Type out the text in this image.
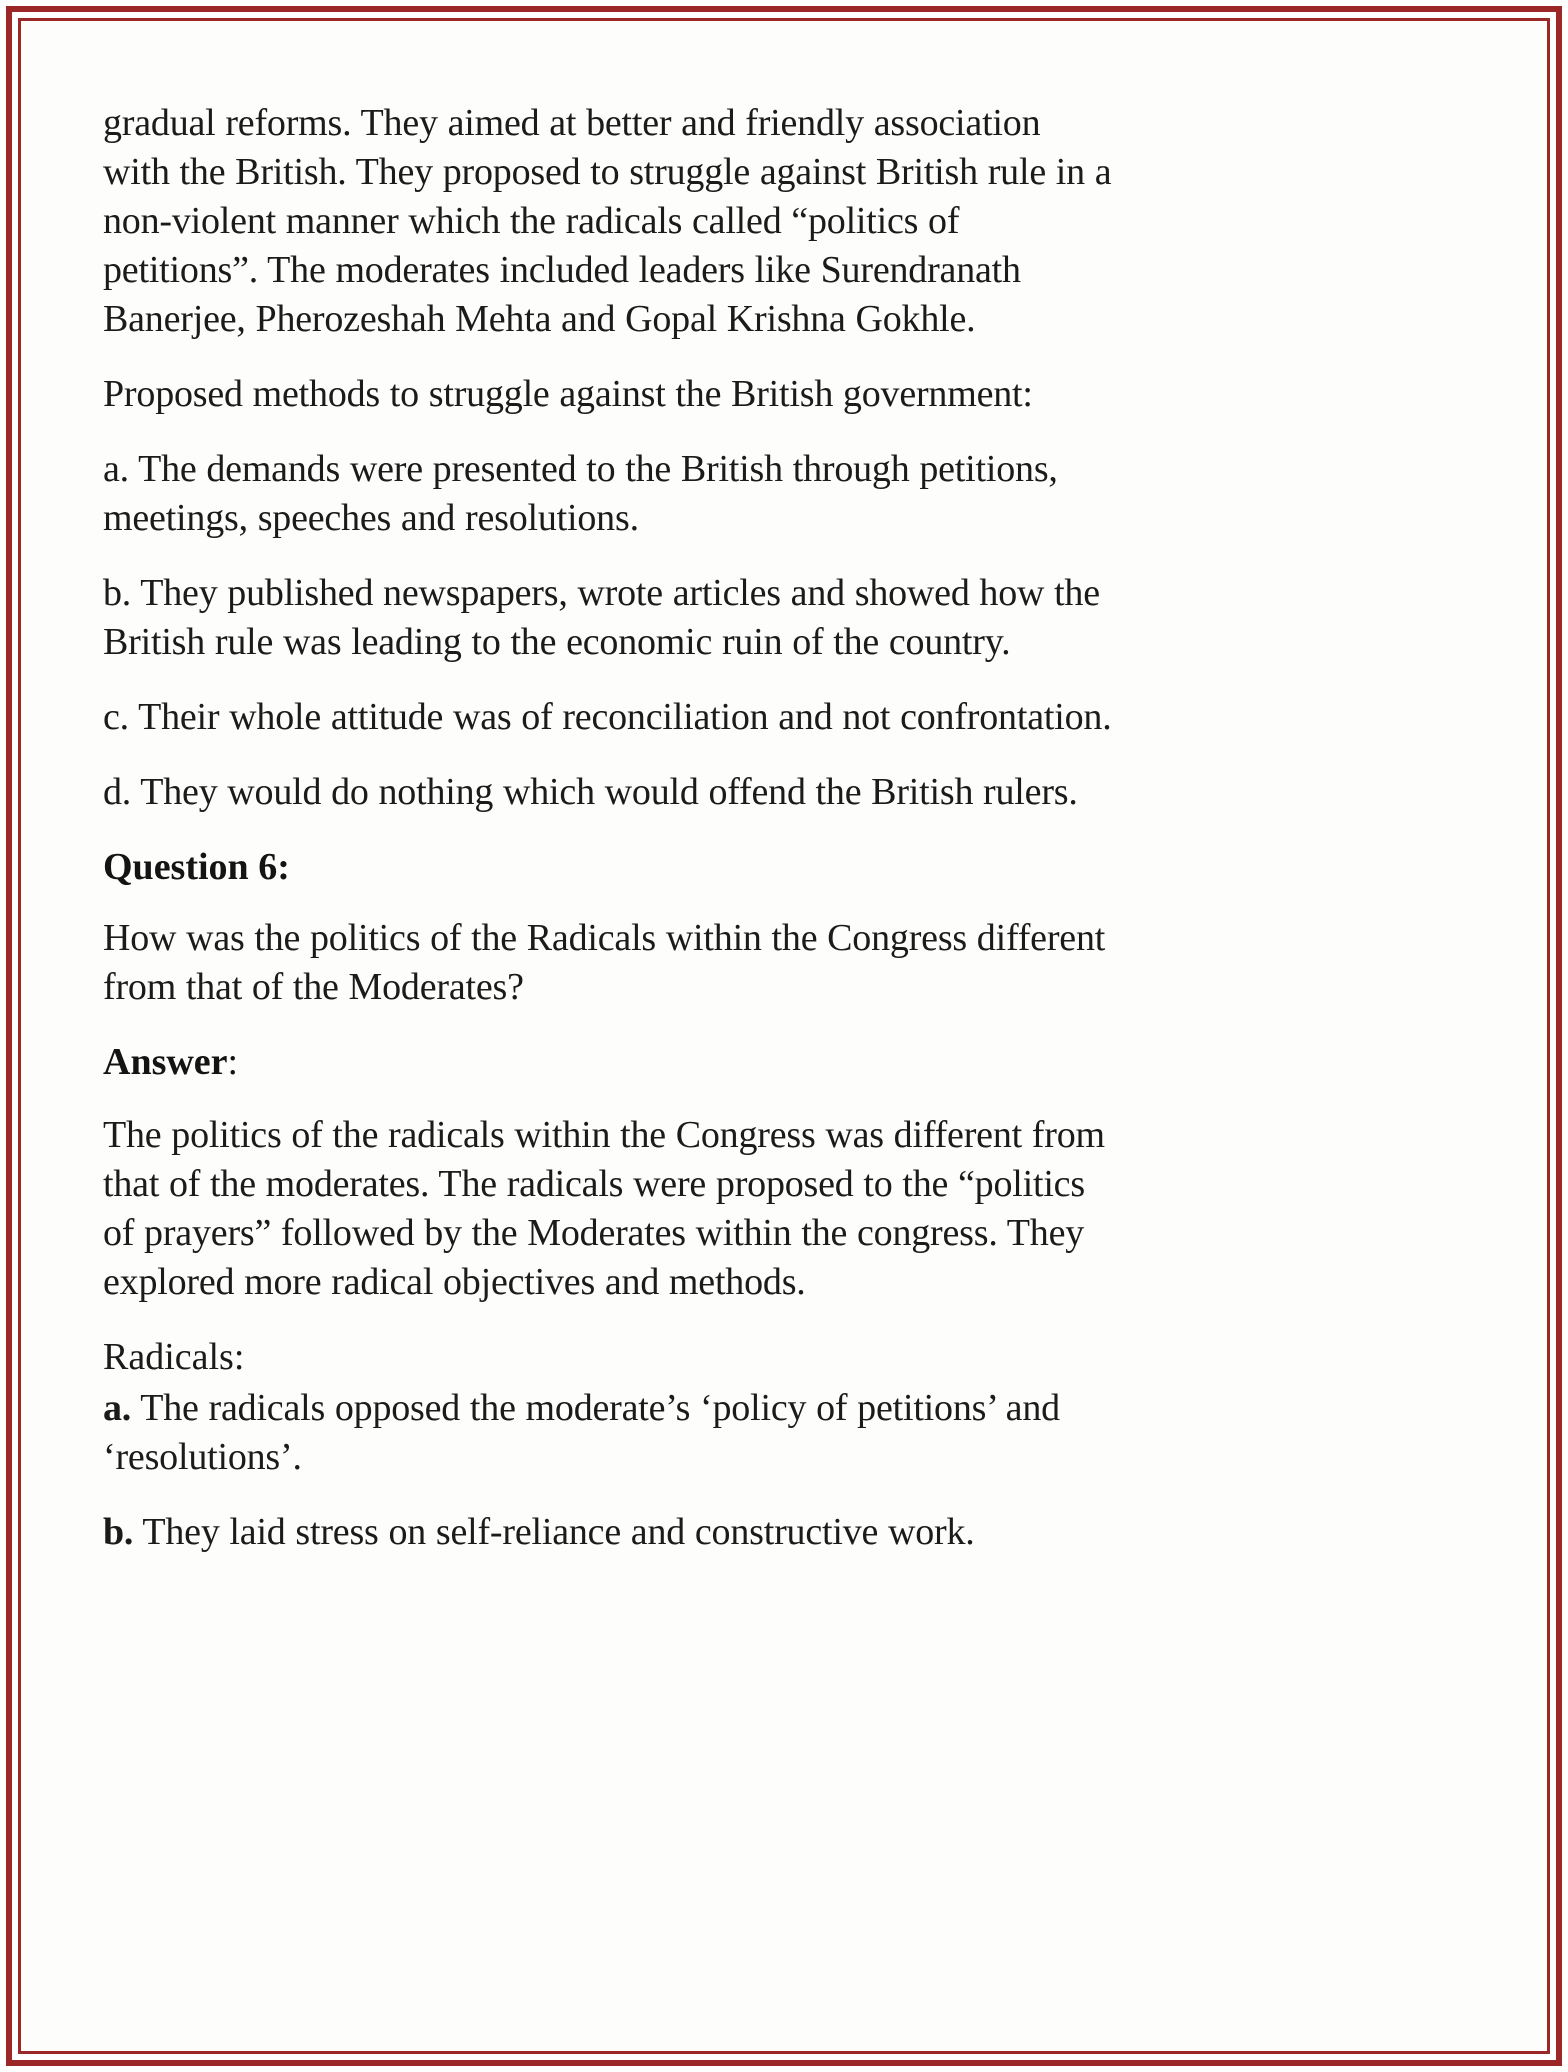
gradual reforms. They aimed at better and friendly association with the British. They proposed to struggle against British rule in a non-violent manner which the radicals called “politics of petitions”. The moderates included leaders like Surendranath Banerjee, Pherozeshah Mehta and Gopal Krishna Gokhle.

Proposed methods to struggle against the British government:

a. The demands were presented to the British through petitions, meetings, speeches and resolutions.

b. They published newspapers, wrote articles and showed how the British rule was leading to the economic ruin of the country.

c. Their whole attitude was of reconciliation and not confrontation.

d. They would do nothing which would offend the British rulers.

Question 6:

How was the politics of the Radicals within the Congress different from that of the Moderates?

Answer:

The politics of the radicals within the Congress was different from that of the moderates. The radicals were proposed to the “politics of prayers” followed by the Moderates within the congress. They explored more radical objectives and methods.

Radicals:

a. The radicals opposed the moderate’s ‘policy of petitions’ and ‘resolutions’.

b. They laid stress on self-reliance and constructive work.
